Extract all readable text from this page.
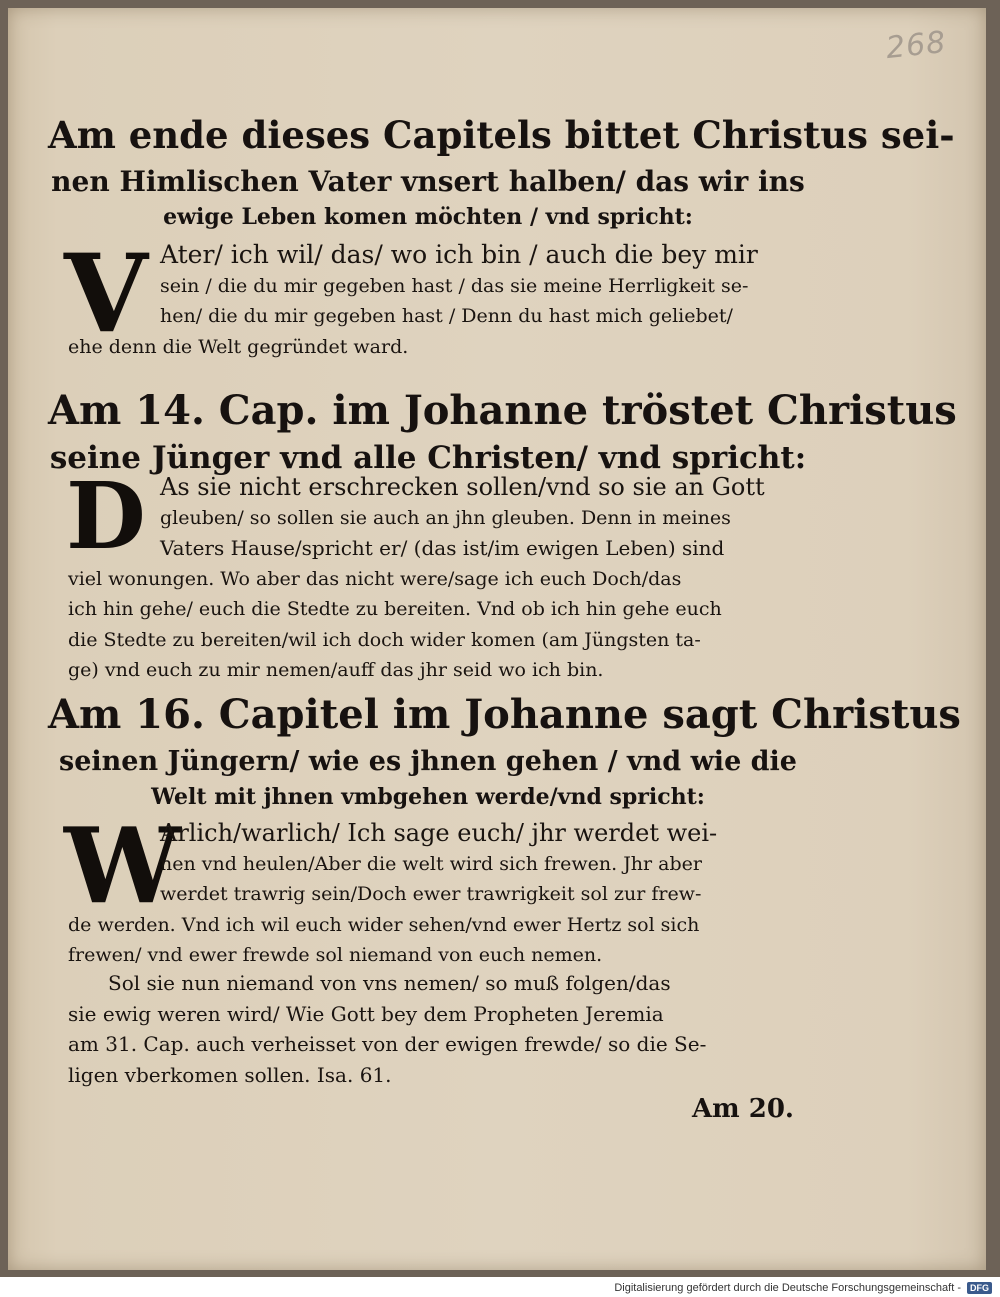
268
Am ende dieses Capitels bittet Christus sei-
nen Himlischen Vater vnsert halben/ das wir ins
ewige Leben komen möchten / vnd spricht:
V Ater/ ich wil/ das/ wo ich bin / auch die bey mir
sein / die du mir gegeben hast / das sie meine Herrligkeit se-
hen/ die du mir gegeben hast / Denn du hast mich geliebet/
ehe denn die Welt gegründet ward.
Am 14. Cap. im Johanne tröstet Christus
seine Jünger vnd alle Christen/ vnd spricht:
D As sie nicht erschrecken sollen/vnd so sie an Gott
gleuben/ so sollen sie auch an jhn gleuben. Denn in meines
Vaters Hause/spricht er/ (das ist/im ewigen Leben) sind
viel wonungen. Wo aber das nicht were/sage ich euch Doch/das
ich hin gehe/ euch die Stedte zu bereiten. Vnd ob ich hin gehe euch
die Stedte zu bereiten/wil ich doch wider komen (am Jüngsten ta-
ge) vnd euch zu mir nemen/auff das jhr seid wo ich bin.
Am 16. Capitel im Johanne sagt Christus
seinen Jüngern/ wie es jhnen gehen / vnd wie die
Welt mit jhnen vmbgehen werde/vnd spricht:
W
Arlich/warlich/ Ich sage euch/ jhr werdet wei-
nen vnd heulen/Aber die welt wird sich frewen. Jhr aber
werdet trawrig sein/Doch ewer trawrigkeit sol zur frew-
de werden. Vnd ich wil euch wider sehen/vnd ewer Hertz sol sich
frewen/ vnd ewer frewde sol niemand von euch nemen.
Sol sie nun niemand von vns nemen/ so muß folgen/das
sie ewig weren wird/ Wie Gott bey dem Propheten Jeremia
am 31. Cap. auch verheisset von der ewigen frewde/ so die Se-
ligen vberkomen sollen. Isa. 61.
Am 20.
Digitalisierung gefördert durch die Deutsche Forschungsgemeinschaft -	DFG
